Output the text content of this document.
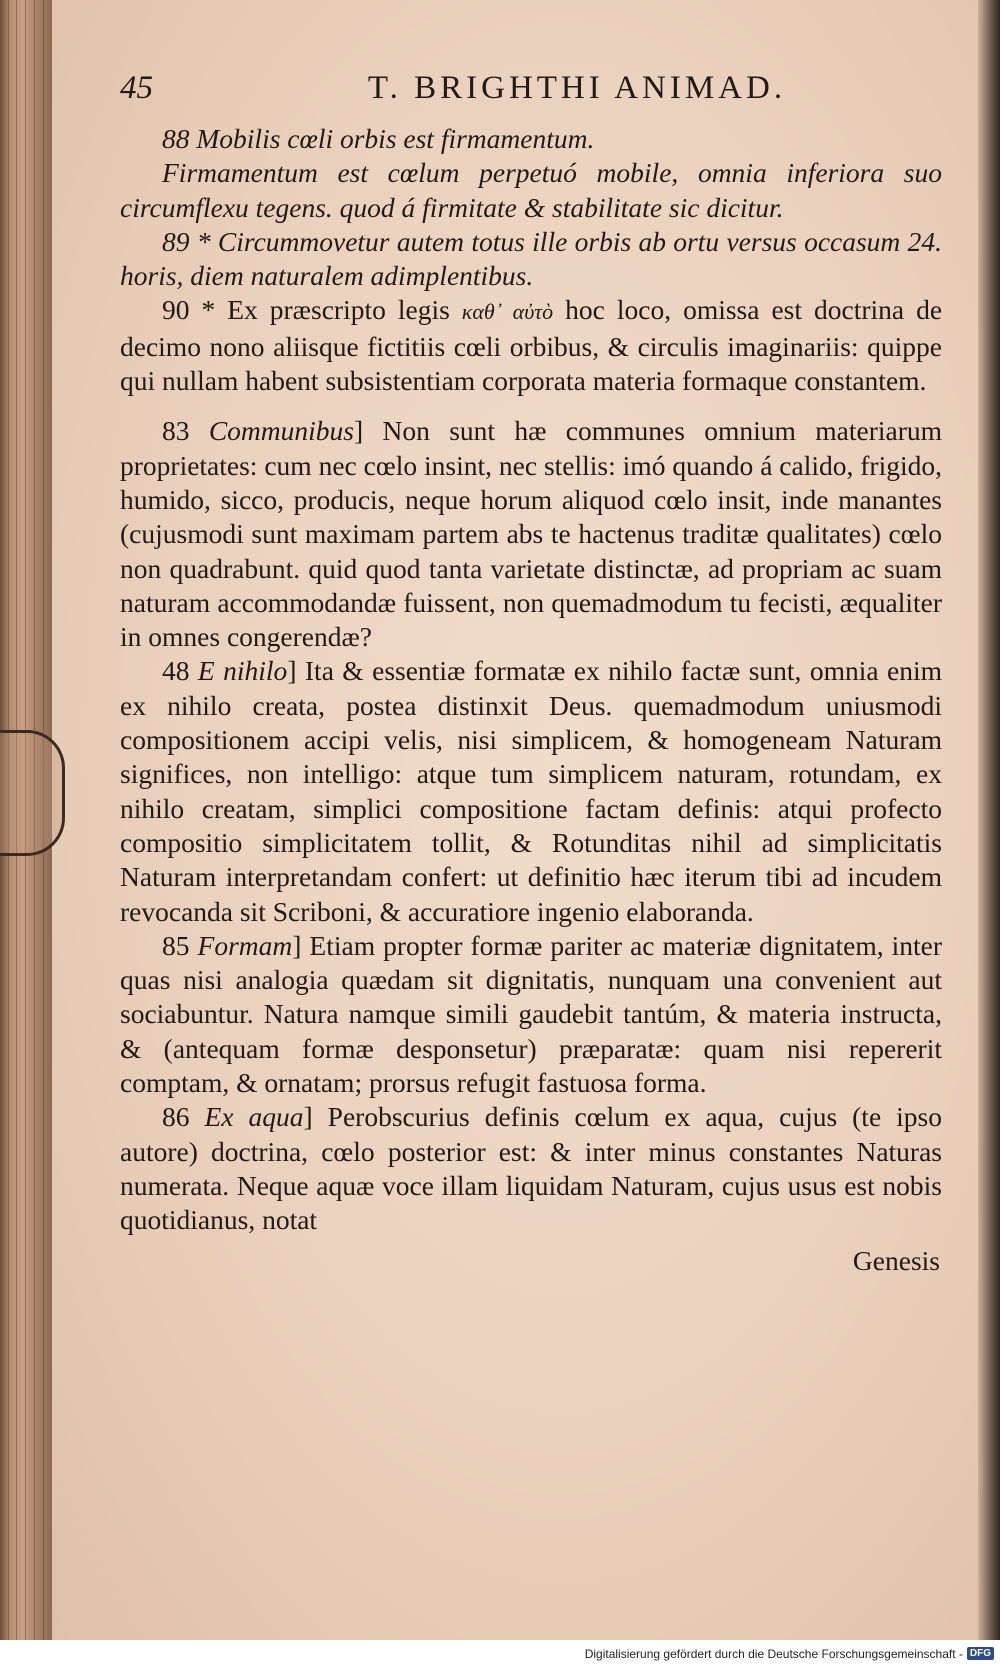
45	T. BRIGHTHI ANIMAD.

88 Mobilis cœli orbis est firmamentum.

Firmamentum est cœlum perpetuó mobile, omnia inferiora suo circumflexu tegens. quod á firmitate & stabilitate sic dicitur.

89 * Circummovetur autem totus ille orbis ab ortu versus occasum 24. horis, diem naturalem adimplentibus.

90 * Ex præscripto legis καθ᾽ αὐτὸ hoc loco, omissa est doctrina de decimo nono aliisque fictitiis cœli orbibus, & circulis imaginariis: quippe qui nullam habent subsistentiam corporata materia formaque constantem.

83 Communibus] Non sunt hæ communes omnium materiarum proprietates: cum nec cœlo insint, nec stellis: imó quando á calido, frigido, humido, sicco, producis, neque horum aliquod cœlo insit, inde manantes (cujusmodi sunt maximam partem abs te hactenus traditæ qualitates) cœlo non quadrabunt. quid quod tanta varietate distinctæ, ad propriam ac suam naturam accommodandæ fuissent, non quemadmodum tu fecisti, æqualiter in omnes congerendæ?

48 E nihilo] Ita & essentiæ formatæ ex nihilo factæ sunt, omnia enim ex nihilo creata, postea distinxit Deus. quemadmodum uniusmodi compositionem accipi velis, nisi simplicem, & homogeneam Naturam significes, non intelligo: atque tum simplicem naturam, rotundam, ex nihilo creatam, simplici compositione factam definis: atqui profecto compositio simplicitatem tollit, & Rotunditas nihil ad simplicitatis Naturam interpretandam confert: ut definitio hæc iterum tibi ad incudem revocanda sit Scriboni, & accuratiore ingenio elaboranda.

85 Formam] Etiam propter formæ pariter ac materiæ dignitatem, inter quas nisi analogia quædam sit dignitatis, nunquam una convenient aut sociabuntur. Natura namque simili gaudebit tantúm, & materia instructa, & (antequam formæ desponsetur) præparatæ: quam nisi repererit comptam, & ornatam; prorsus refugit fastuosa forma.

86 Ex aqua] Perobscurius definis cœlum ex aqua, cujus (te ipso autore) doctrina, cœlo posterior est: & inter minus constantes Naturas numerata. Neque aquæ voce illam liquidam Naturam, cujus usus est nobis quotidianus, notat

Genesis
Digitalisierung gefördert durch die Deutsche Forschungsgemeinschaft - DFG
